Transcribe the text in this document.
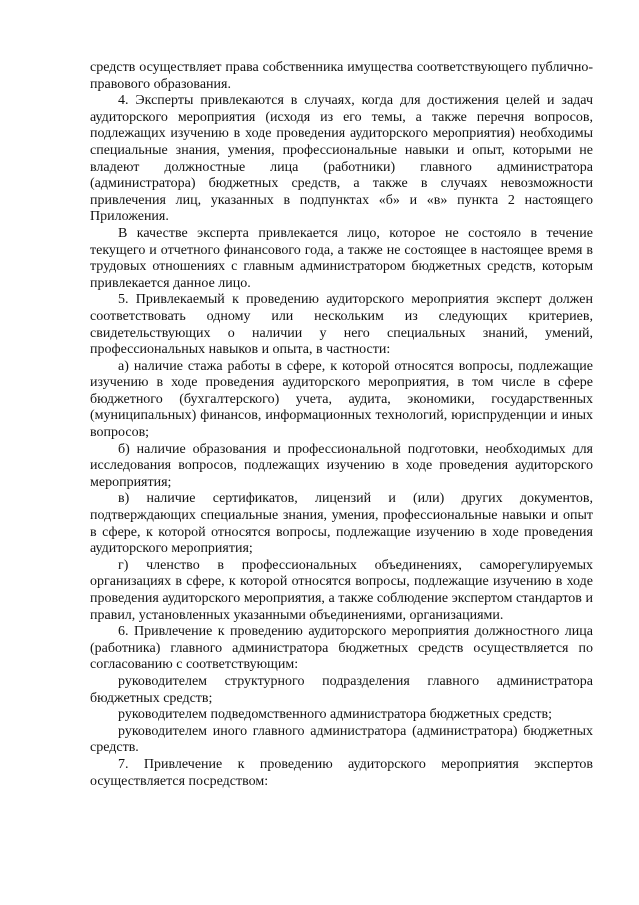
средств осуществляет права собственника имущества соответствующего публично-правового образования.

4. Эксперты привлекаются в случаях, когда для достижения целей и задач аудиторского мероприятия (исходя из его темы, а также перечня вопросов, подлежащих изучению в ходе проведения аудиторского мероприятия) необходимы специальные знания, умения, профессиональные навыки и опыт, которыми не владеют должностные лица (работники) главного администратора (администратора) бюджетных средств, а также в случаях невозможности привлечения лиц, указанных в подпунктах «б» и «в» пункта 2 настоящего Приложения.

В качестве эксперта привлекается лицо, которое не состояло в течение текущего и отчетного финансового года, а также не состоящее в настоящее время в трудовых отношениях с главным администратором бюджетных средств, которым привлекается данное лицо.

5. Привлекаемый к проведению аудиторского мероприятия эксперт должен соответствовать одному или нескольким из следующих критериев, свидетельствующих о наличии у него специальных знаний, умений, профессиональных навыков и опыта, в частности:

а) наличие стажа работы в сфере, к которой относятся вопросы, подлежащие изучению в ходе проведения аудиторского мероприятия, в том числе в сфере бюджетного (бухгалтерского) учета, аудита, экономики, государственных (муниципальных) финансов, информационных технологий, юриспруденции и иных вопросов;

б) наличие образования и профессиональной подготовки, необходимых для исследования вопросов, подлежащих изучению в ходе проведения аудиторского мероприятия;

в) наличие сертификатов, лицензий и (или) других документов, подтверждающих специальные знания, умения, профессиональные навыки и опыт в сфере, к которой относятся вопросы, подлежащие изучению в ходе проведения аудиторского мероприятия;

г) членство в профессиональных объединениях, саморегулируемых организациях в сфере, к которой относятся вопросы, подлежащие изучению в ходе проведения аудиторского мероприятия, а также соблюдение экспертом стандартов и правил, установленных указанными объединениями, организациями.

6. Привлечение к проведению аудиторского мероприятия должностного лица (работника) главного администратора бюджетных средств осуществляется по согласованию с соответствующим:

руководителем структурного подразделения главного администратора бюджетных средств;

руководителем подведомственного администратора бюджетных средств;

руководителем иного главного администратора (администратора) бюджетных средств.

7. Привлечение к проведению аудиторского мероприятия экспертов осуществляется посредством:
